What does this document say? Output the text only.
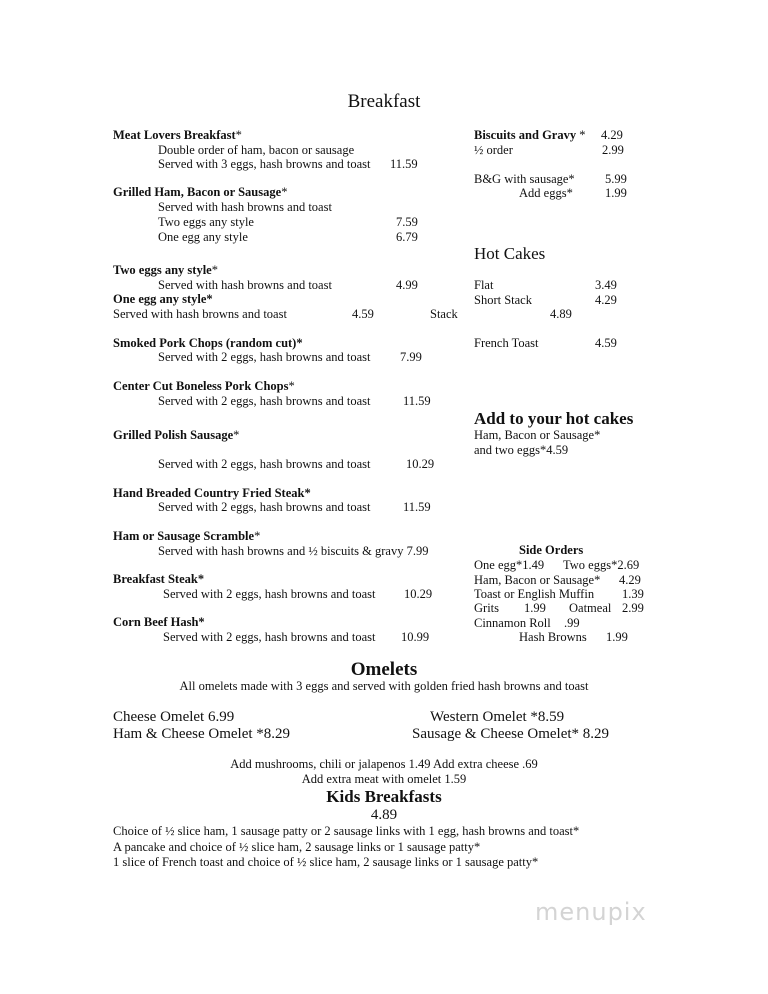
Breakfast
Meat Lovers Breakfast*
Double order of ham, bacon or sausage
Served with 3 eggs, hash browns and toast 11.59
Grilled Ham, Bacon or Sausage*
Served with hash browns and toast
Two eggs any style	7.59
One egg any style	6.79
Two eggs any style*
Served with hash browns and toast	4.99
One egg any style*
Served with hash browns and toast	4.59	Stack
Smoked Pork Chops (random cut)*
Served with 2 eggs, hash browns and toast 7.99
Center Cut Boneless Pork Chops*
Served with 2 eggs, hash browns and toast	11.59
Grilled Polish Sausage*
Served with 2 eggs, hash browns and toast	10.29
Hand Breaded Country Fried Steak*
Served with 2 eggs, hash browns and toast	11.59
Ham or Sausage Scramble*
Served with hash browns and ½ biscuits & gravy 7.99
Breakfast Steak*
Served with 2 eggs, hash browns and toast 10.29
Corn Beef Hash*
Served with 2 eggs, hash browns and toast 10.99
Biscuits and Gravy * 4.29
½ order	2.99
B&G with sausage* 5.99
Add eggs*	1.99
Hot Cakes
Flat	3.49
Short Stack	4.29
4.89
French Toast	4.59
Add to your hot cakes
Ham, Bacon or Sausage*
and two eggs*4.59
Side Orders
One egg*1.49 Two eggs*2.69
Ham, Bacon or Sausage* 4.29
Toast or English Muffin 1.39
Grits 1.99 Oatmeal 2.99
Cinnamon Roll .99
Hash Browns 1.99
Omelets
All omelets made with 3 eggs and served with golden fried hash browns and toast
Cheese Omelet 6.99	Western Omelet *8.59
Ham & Cheese Omelet *8.29	Sausage & Cheese Omelet* 8.29
Add mushrooms, chili or jalapenos 1.49 Add extra cheese .69
Add extra meat with omelet 1.59
Kids Breakfasts
4.89
Choice of ½ slice ham, 1 sausage patty or 2 sausage links with 1 egg, hash browns and toast*
A pancake and choice of ½ slice ham, 2 sausage links or 1 sausage patty*
1 slice of French toast and choice of ½ slice ham, 2 sausage links or 1 sausage patty*
menupix
